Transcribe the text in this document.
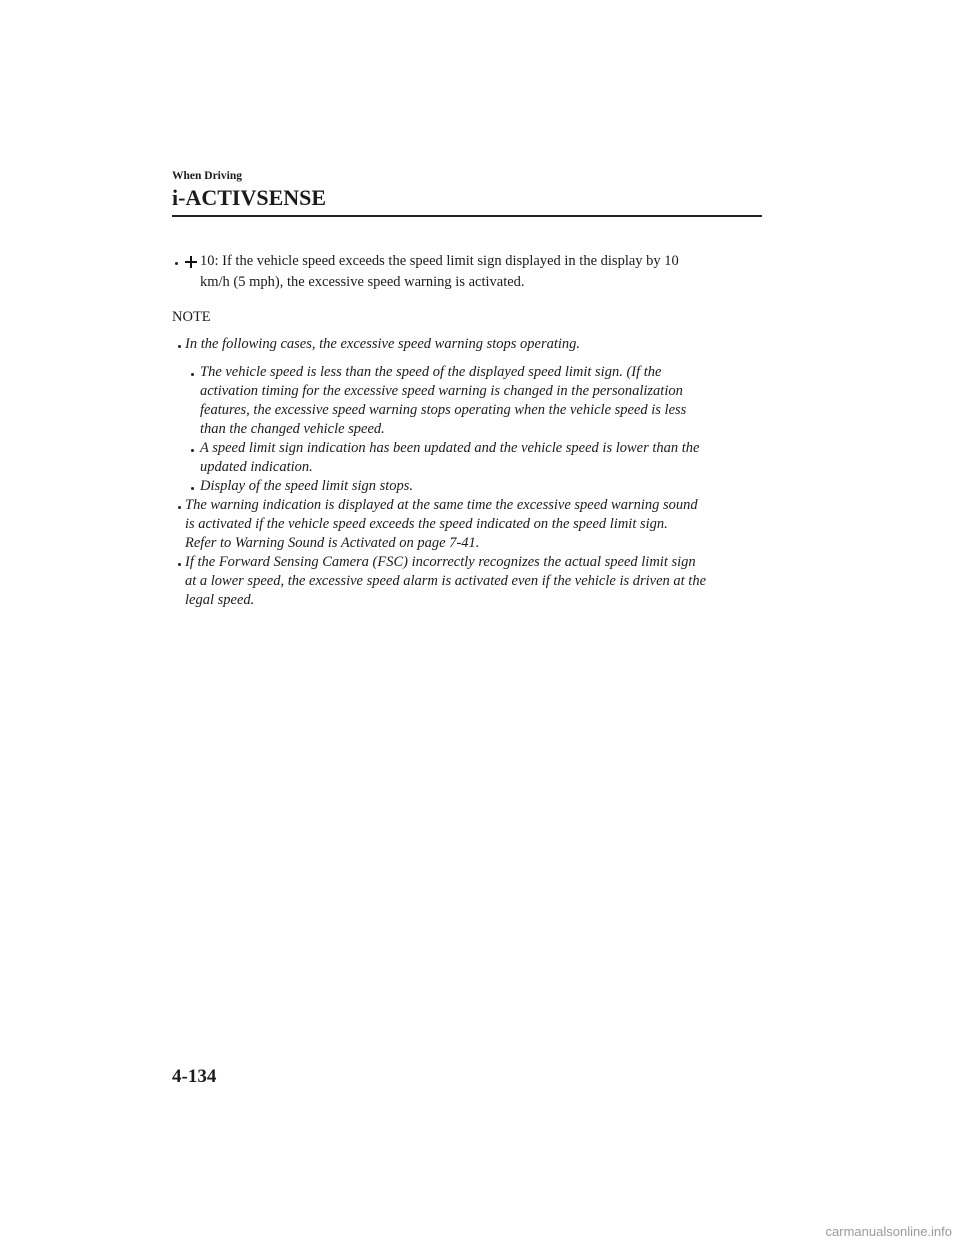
When Driving
i-ACTIVSENSE
10: If the vehicle speed exceeds the speed limit sign displayed in the display by 10
km/h (5 mph), the excessive speed warning is activated.
NOTE
In the following cases, the excessive speed warning stops operating.
The vehicle speed is less than the speed of the displayed speed limit sign. (If the
activation timing for the excessive speed warning is changed in the personalization
features, the excessive speed warning stops operating when the vehicle speed is less
than the changed vehicle speed.
A speed limit sign indication has been updated and the vehicle speed is lower than the
updated indication.
Display of the speed limit sign stops.
The warning indication is displayed at the same time the excessive speed warning sound
is activated if the vehicle speed exceeds the speed indicated on the speed limit sign.
Refer to Warning Sound is Activated on page 7-41.
If the Forward Sensing Camera (FSC) incorrectly recognizes the actual speed limit sign
at a lower speed, the excessive speed alarm is activated even if the vehicle is driven at the
legal speed.
4-134
carmanualsonline.info
